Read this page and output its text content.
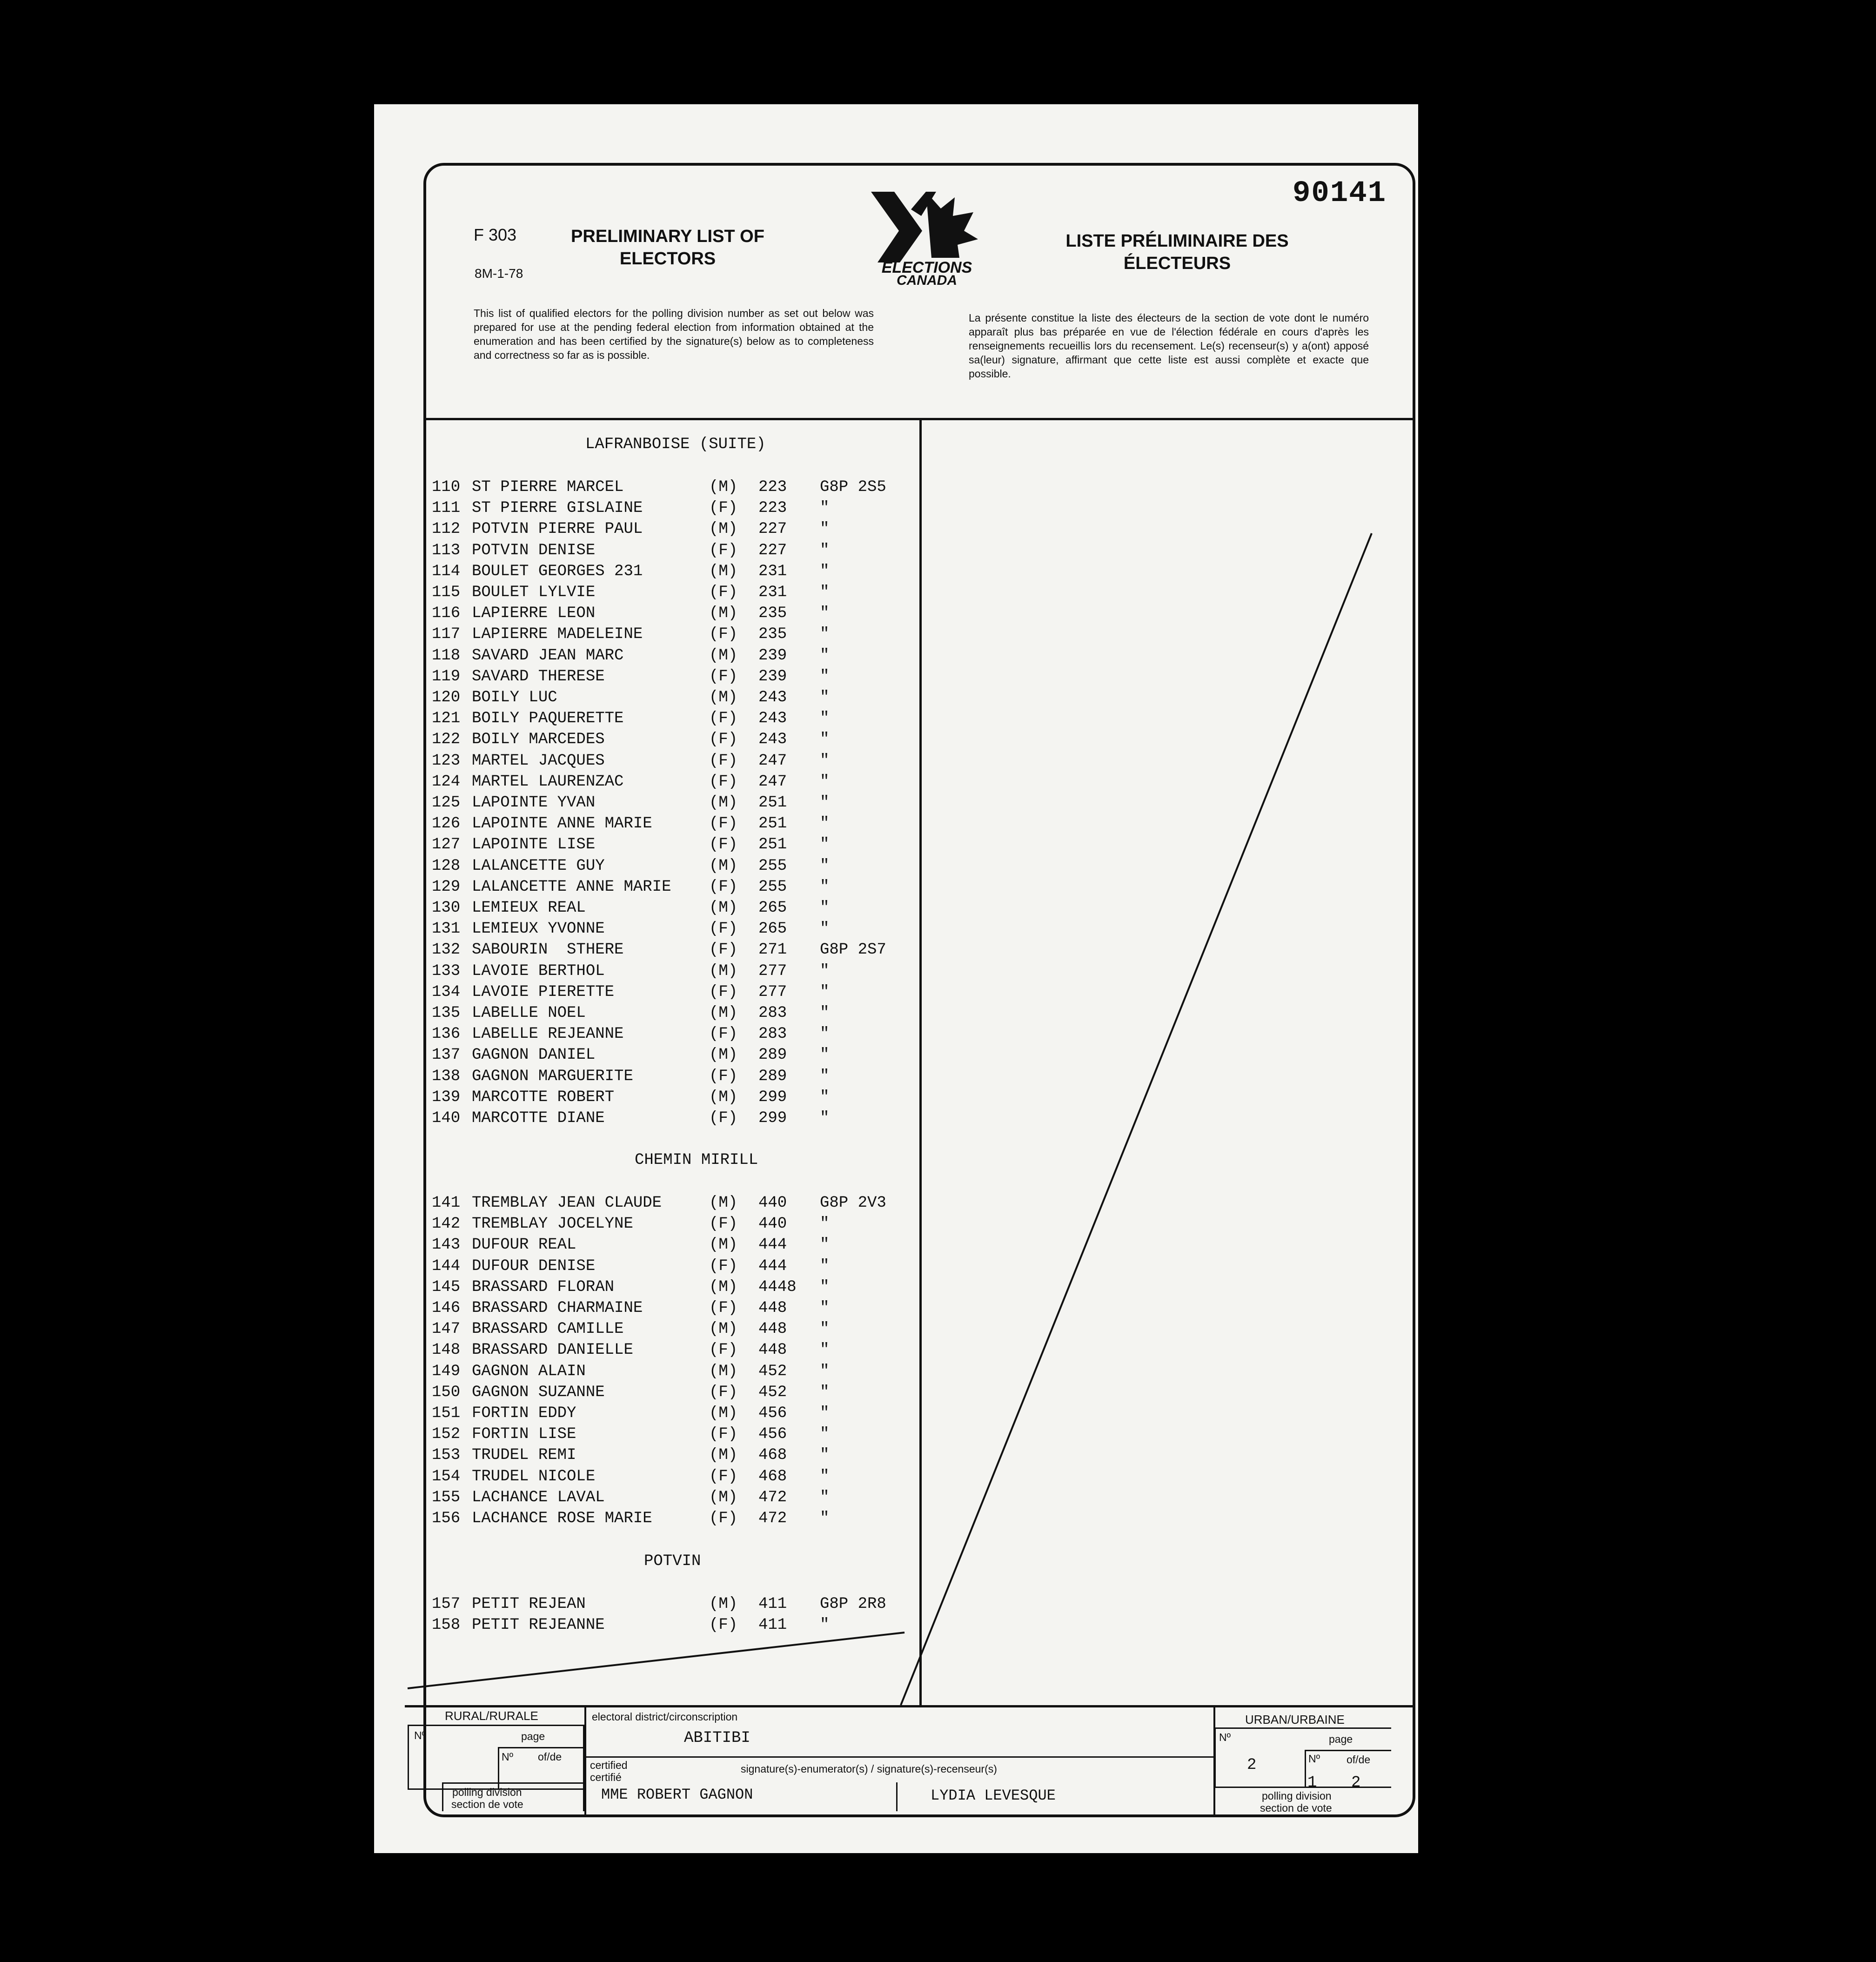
90141
F 303
8M-1-78
PRELIMINARY LIST OF
ELECTORS	ELECTIONS
CANADA
LISTE PRÉLIMINAIRE DES
ÉLECTEURS
This list of qualified electors for the polling division number as set out below was prepared for use at the pending federal election from information obtained at the enumeration and has been certified by the signature(s) below as to completeness and correctness so far as is possible.
La présente constitue la liste des électeurs de la section de vote dont le numéro apparaît plus bas préparée en vue de l'élection fédérale en cours d'après les renseignements recueillis lors du recensement. Le(s) recenseur(s) y a(ont) apposé sa(leur) signature, affirmant que cette liste est aussi complète et exacte que possible.
LAFRANBOISE (SUITE)
110 ST PIERRE MARCEL	(M) 223 G8P 2S5
111 ST PIERRE GISLAINE	(F) 223 "
112 POTVIN PIERRE PAUL	(M) 227 "
113 POTVIN DENISE	(F) 227 "
114 BOULET GEORGES 231	(M) 231 "
115 BOULET LYLVIE	(F) 231 "
116 LAPIERRE LEON	(M) 235 "
117 LAPIERRE MADELEINE	(F) 235 "
118 SAVARD JEAN MARC	(M) 239 "
119 SAVARD THERESE	(F) 239 "
120 BOILY LUC	(M) 243 "
121 BOILY PAQUERETTE	(F) 243 "
122 BOILY MARCEDES	(F) 243 "
123 MARTEL JACQUES	(F) 247 "
124 MARTEL LAURENZAC	(F) 247 "
125 LAPOINTE YVAN	(M) 251 "
126 LAPOINTE ANNE MARIE	(F) 251 "
127 LAPOINTE LISE	(F) 251 "
128 LALANCETTE GUY	(M) 255 "
129 LALANCETTE ANNE MARIE (F) 255 "
130 LEMIEUX REAL	(M) 265 "
131 LEMIEUX YVONNE	(F) 265 "
132 SABOURIN  STHERE	(F) 271 G8P 2S7
133 LAVOIE BERTHOL	(M) 277 "
134 LAVOIE PIERETTE	(F) 277 "
135 LABELLE NOEL	(M) 283 "
136 LABELLE REJEANNE	(F) 283 "
137 GAGNON DANIEL	(M) 289 "
138 GAGNON MARGUERITE	(F) 289 "
139 MARCOTTE ROBERT	(M) 299 "
140 MARCOTTE DIANE	(F) 299 "
CHEMIN MIRILL
141 TREMBLAY JEAN CLAUDE	(M) 440 G8P 2V3
142 TREMBLAY JOCELYNE	(F) 440 "
143 DUFOUR REAL	(M) 444 "
144 DUFOUR DENISE	(F) 444 "
145 BRASSARD FLORAN	(M) 4448 "
146 BRASSARD CHARMAINE	(F) 448 "
147 BRASSARD CAMILLE	(M) 448 "
148 BRASSARD DANIELLE	(F) 448 "
149 GAGNON ALAIN	(M) 452 "
150 GAGNON SUZANNE	(F) 452 "
151 FORTIN EDDY	(M) 456 "
152 FORTIN LISE	(F) 456 "
153 TRUDEL REMI	(M) 468 "
154 TRUDEL NICOLE	(F) 468 "
155 LACHANCE LAVAL	(M) 472 "
156 LACHANCE ROSE MARIE	(F) 472 "
POTVIN
157 PETIT REJEAN	(M) 411 G8P 2R8
158 PETIT REJEANNE	(F) 411 "
RURAL/RURALE
Nº	page
Nº of/de
polling division
section de vote
electoral district/circonscription
ABITIBI
certified
certifié
signature(s)-enumerator(s) / signature(s)-recenseur(s)
MME ROBERT GAGNON	LYDIA LEVESQUE
URBAN/URBAINE
Nº	page
Nº of/de
2
1 2
polling division
section de vote
